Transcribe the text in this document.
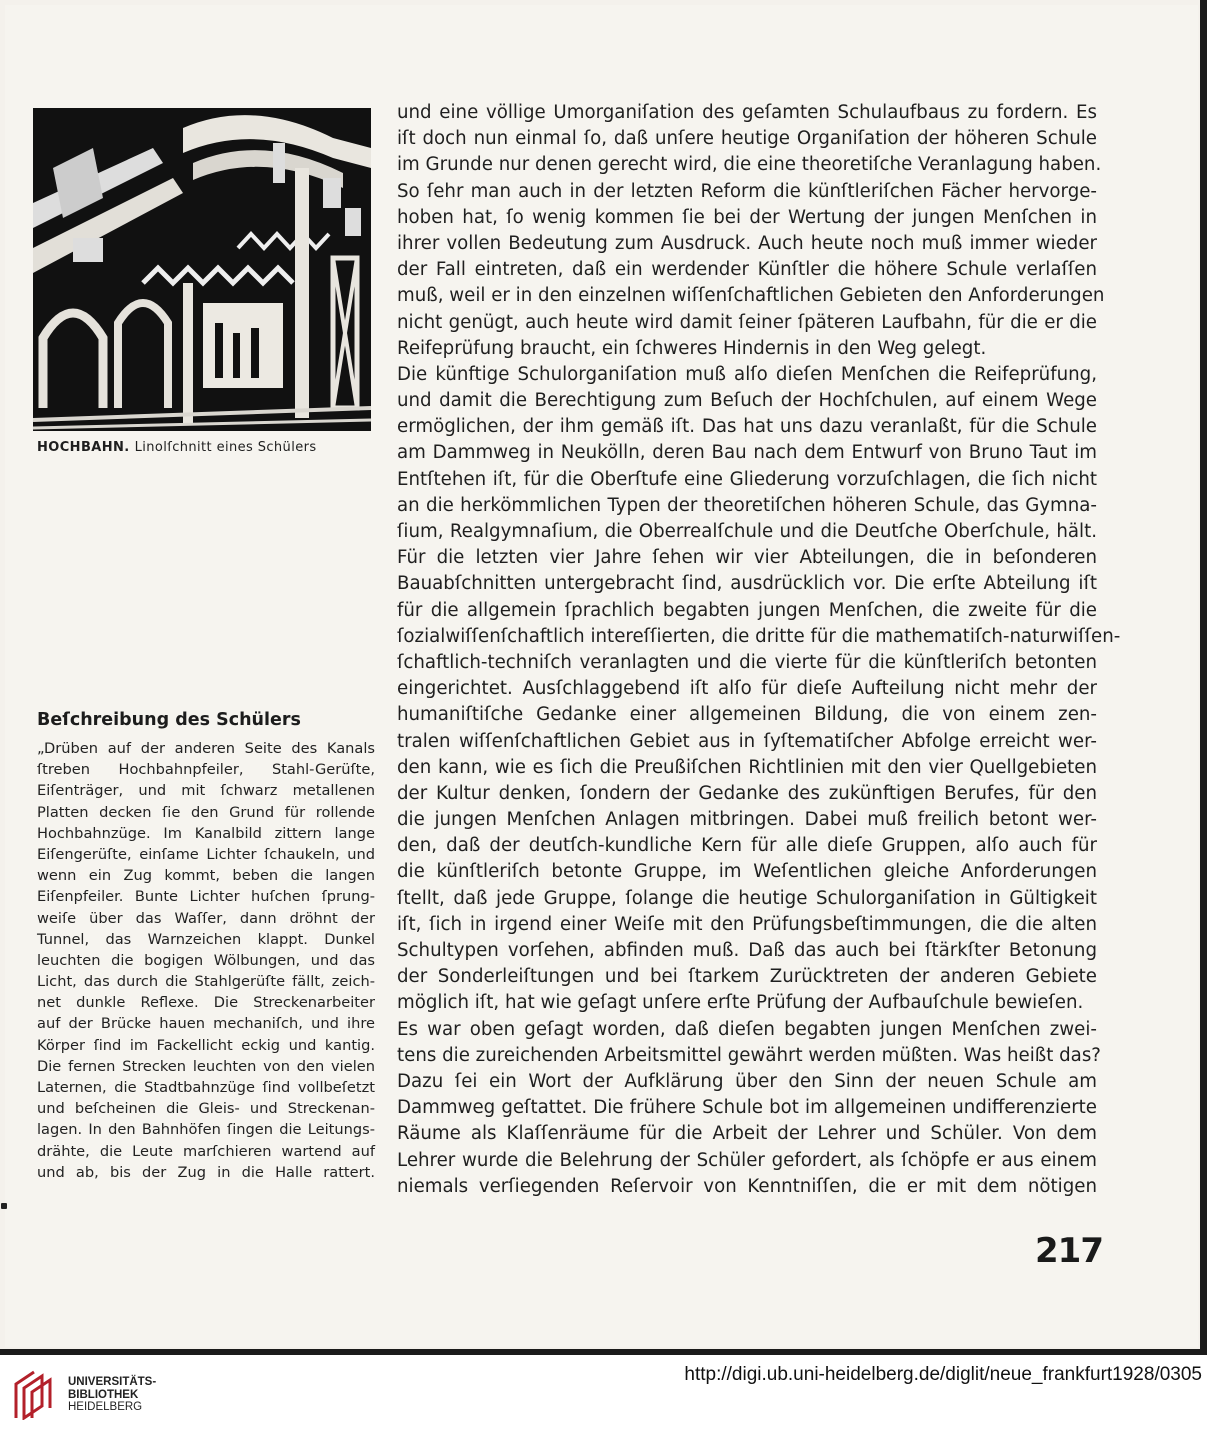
HOCHBAHN. Linolſchnitt eines Schülers
Beſchreibung des Schülers
„Drüben auf der anderen Seite des Kanals
ſtreben Hochbahnpfeiler, Stahl-Gerüſte,
Eiſenträger, und mit ſchwarz metallenen
Platten decken ſie den Grund für rollende
Hochbahnzüge. Im Kanalbild zittern lange
Eiſengerüſte, einſame Lichter ſchaukeln, und
wenn ein Zug kommt, beben die langen
Eiſenpfeiler. Bunte Lichter huſchen ſprung-
weiſe über das Waſſer, dann dröhnt der
Tunnel, das Warnzeichen klappt. Dunkel
leuchten die bogigen Wölbungen, und das
Licht, das durch die Stahlgerüſte fällt, zeich-
net dunkle Reflexe. Die Streckenarbeiter
auf der Brücke hauen mechaniſch, und ihre
Körper ſind im Fackellicht eckig und kantig.
Die fernen Strecken leuchten von den vielen
Laternen, die Stadtbahnzüge ſind vollbeſetzt
und beſcheinen die Gleis- und Streckenan-
lagen. In den Bahnhöfen ſingen die Leitungs-
drähte, die Leute marſchieren wartend auf
und ab, bis der Zug in die Halle rattert.
und eine völlige Umorganiſation des geſamten Schulaufbaus zu fordern. Es
iſt doch nun einmal ſo, daß unſere heutige Organiſation der höheren Schule
im Grunde nur denen gerecht wird, die eine theoretiſche Veranlagung haben.
So ſehr man auch in der letzten Reform die künſtleriſchen Fächer hervorge-
hoben hat, ſo wenig kommen ſie bei der Wertung der jungen Menſchen in
ihrer vollen Bedeutung zum Ausdruck. Auch heute noch muß immer wieder
der Fall eintreten, daß ein werdender Künſtler die höhere Schule verlaſſen
muß, weil er in den einzelnen wiſſenſchaftlichen Gebieten den Anforderungen
nicht genügt, auch heute wird damit ſeiner ſpäteren Laufbahn, für die er die
Reifeprüfung braucht, ein ſchweres Hindernis in den Weg gelegt.
Die künftige Schulorganiſation muß alſo dieſen Menſchen die Reifeprüfung,
und damit die Berechtigung zum Beſuch der Hochſchulen, auf einem Wege
ermöglichen, der ihm gemäß iſt. Das hat uns dazu veranlaßt, für die Schule
am Dammweg in Neukölln, deren Bau nach dem Entwurf von Bruno Taut im
Entſtehen iſt, für die Oberſtufe eine Gliederung vorzuſchlagen, die ſich nicht
an die herkömmlichen Typen der theoretiſchen höheren Schule, das Gymna-
ſium, Realgymnaſium, die Oberrealſchule und die Deutſche Oberſchule, hält.
Für die letzten vier Jahre ſehen wir vier Abteilungen, die in beſonderen
Bauabſchnitten untergebracht ſind, ausdrücklich vor. Die erſte Abteilung iſt
für die allgemein ſprachlich begabten jungen Menſchen, die zweite für die
ſozialwiſſenſchaftlich intereſſierten, die dritte für die mathematiſch-naturwiſſen-
ſchaftlich-techniſch veranlagten und die vierte für die künſtleriſch betonten
eingerichtet. Ausſchlaggebend iſt alſo für dieſe Aufteilung nicht mehr der
humaniſtiſche Gedanke einer allgemeinen Bildung, die von einem zen-
tralen wiſſenſchaftlichen Gebiet aus in ſyſtematiſcher Abfolge erreicht wer-
den kann, wie es ſich die Preußiſchen Richtlinien mit den vier Quellgebieten
der Kultur denken, ſondern der Gedanke des zukünftigen Berufes, für den
die jungen Menſchen Anlagen mitbringen. Dabei muß freilich betont wer-
den, daß der deutſch-kundliche Kern für alle dieſe Gruppen, alſo auch für
die künſtleriſch betonte Gruppe, im Weſentlichen gleiche Anforderungen
ſtellt, daß jede Gruppe, ſolange die heutige Schulorganiſation in Gültigkeit
iſt, ſich in irgend einer Weiſe mit den Prüfungsbeſtimmungen, die die alten
Schultypen vorſehen, abfinden muß. Daß das auch bei ſtärkſter Betonung
der Sonderleiſtungen und bei ſtarkem Zurücktreten der anderen Gebiete
möglich iſt, hat wie geſagt unſere erſte Prüfung der Aufbauſchule bewieſen.
Es war oben geſagt worden, daß dieſen begabten jungen Menſchen zwei-
tens die zureichenden Arbeitsmittel gewährt werden müßten. Was heißt das?
Dazu ſei ein Wort der Aufklärung über den Sinn der neuen Schule am
Dammweg geſtattet. Die frühere Schule bot im allgemeinen undifferenzierte
Räume als Klaſſenräume für die Arbeit der Lehrer und Schüler. Von dem
Lehrer wurde die Belehrung der Schüler gefordert, als ſchöpfe er aus einem
niemals verſiegenden Reſervoir von Kenntniſſen, die er mit dem nötigen
217
UNIVERSITÄTS-
BIBLIOTHEK
HEIDELBERG
http://digi.ub.uni-heidelberg.de/diglit/neue_frankfurt1928/0305
